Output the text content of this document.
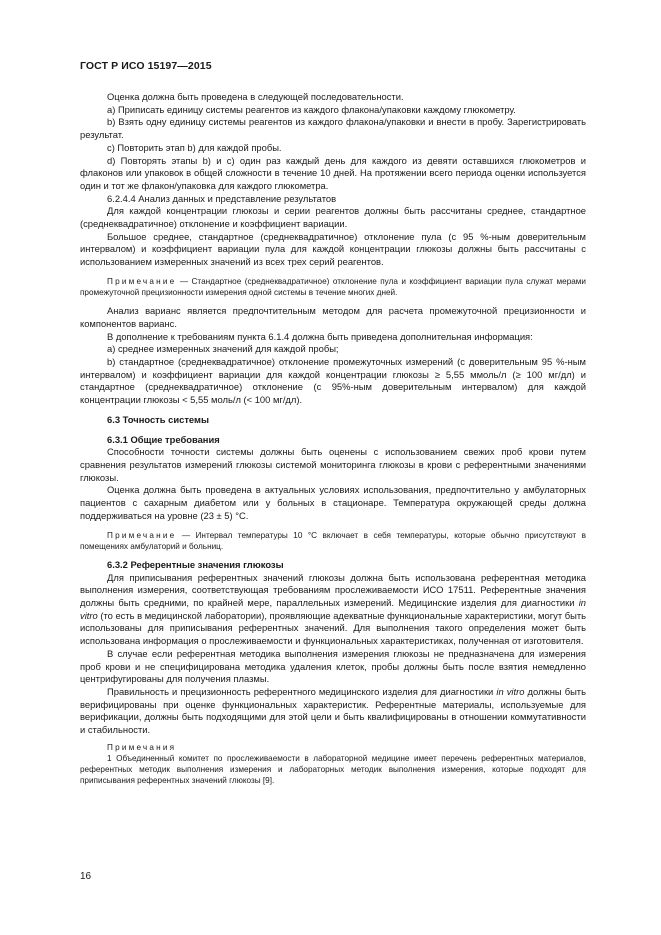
ГОСТ Р ИСО 15197—2015

Оценка должна быть проведена в следующей последовательности.

a) Приписать единицу системы реагентов из каждого флакона/упаковки каждому глюкометру.

b) Взять одну единицу системы реагентов из каждого флакона/упаковки и внести в пробу. Зарегистрировать результат.

c) Повторить этап b) для каждой пробы.

d) Повторять этапы b) и c) один раз каждый день для каждого из девяти оставшихся глюкометров и флаконов или упаковок в общей сложности в течение 10 дней. На протяжении всего периода оценки используется один и тот же флакон/упаковка для каждого глюкометра.

6.2.4.4 Анализ данных и представление результатов

Для каждой концентрации глюкозы и серии реагентов должны быть рассчитаны среднее, стандартное (среднеквадратичное) отклонение и коэффициент вариации.

Большое среднее, стандартное (среднеквадратичное) отклонение пула (с 95 %-ным доверительным интервалом) и коэффициент вариации пула для каждой концентрации глюкозы должны быть рассчитаны с использованием измеренных значений из всех трех серий реагентов.

Примечание — Стандартное (среднеквадратичное) отклонение пула и коэффициент вариации пула служат мерами промежуточной прецизионности измерения одной системы в течение многих дней.

Анализ варианс является предпочтительным методом для расчета промежуточной прецизионности и компонентов варианс.

В дополнение к требованиям пункта 6.1.4 должна быть приведена дополнительная информация:

a) среднее измеренных значений для каждой пробы;

b) стандартное (среднеквадратичное) отклонение промежуточных измерений (с доверительным 95 %-ным интервалом) и коэффициент вариации для каждой концентрации глюкозы ≥ 5,55 ммоль/л (≥ 100 мг/дл) и стандартное (среднеквадратичное) отклонение (с 95%-ным доверительным интервалом) для каждой концентрации глюкозы < 5,55 моль/л (< 100 мг/дл).

6.3 Точность системы

6.3.1 Общие требования

Способности точности системы должны быть оценены с использованием свежих проб крови путем сравнения результатов измерений глюкозы системой мониторинга глюкозы в крови с референтными значениями глюкозы.

Оценка должна быть проведена в актуальных условиях использования, предпочтительно у амбулаторных пациентов с сахарным диабетом или у больных в стационаре. Температура окружающей среды должна поддерживаться на уровне (23 ± 5) °С.

Примечание — Интервал температуры 10 °С включает в себя температуры, которые обычно присутствуют в помещениях амбулаторий и больниц.

6.3.2 Референтные значения глюкозы

Для приписывания референтных значений глюкозы должна быть использована референтная методика выполнения измерения, соответствующая требованиям прослеживаемости ИСО 17511. Референтные значения должны быть средними, по крайней мере, параллельных измерений. Медицинские изделия для диагностики in vitro (то есть в медицинской лаборатории), проявляющие адекватные функциональные характеристики, могут быть использованы для приписывания референтных значений. Для выполнения такого определения может быть использована информация о прослеживаемости и функциональных характеристиках, полученная от изготовителя.

В случае если референтная методика выполнения измерения глюкозы не предназначена для измерения проб крови и не специфицирована методика удаления клеток, пробы должны быть после взятия немедленно центрифугированы для получения плазмы.

Правильность и прецизионность референтного медицинского изделия для диагностики in vitro должны быть верифицированы при оценке функциональных характеристик. Референтные материалы, используемые для верификации, должны быть подходящими для этой цели и быть квалифицированы в отношении коммутативности и стабильности.

Примечания

1 Объединенный комитет по прослеживаемости в лабораторной медицине имеет перечень референтных материалов, референтных методик выполнения измерения и лабораторных методик выполнения измерения, которые подходят для приписывания референтных значений глюкозы [9].

16
